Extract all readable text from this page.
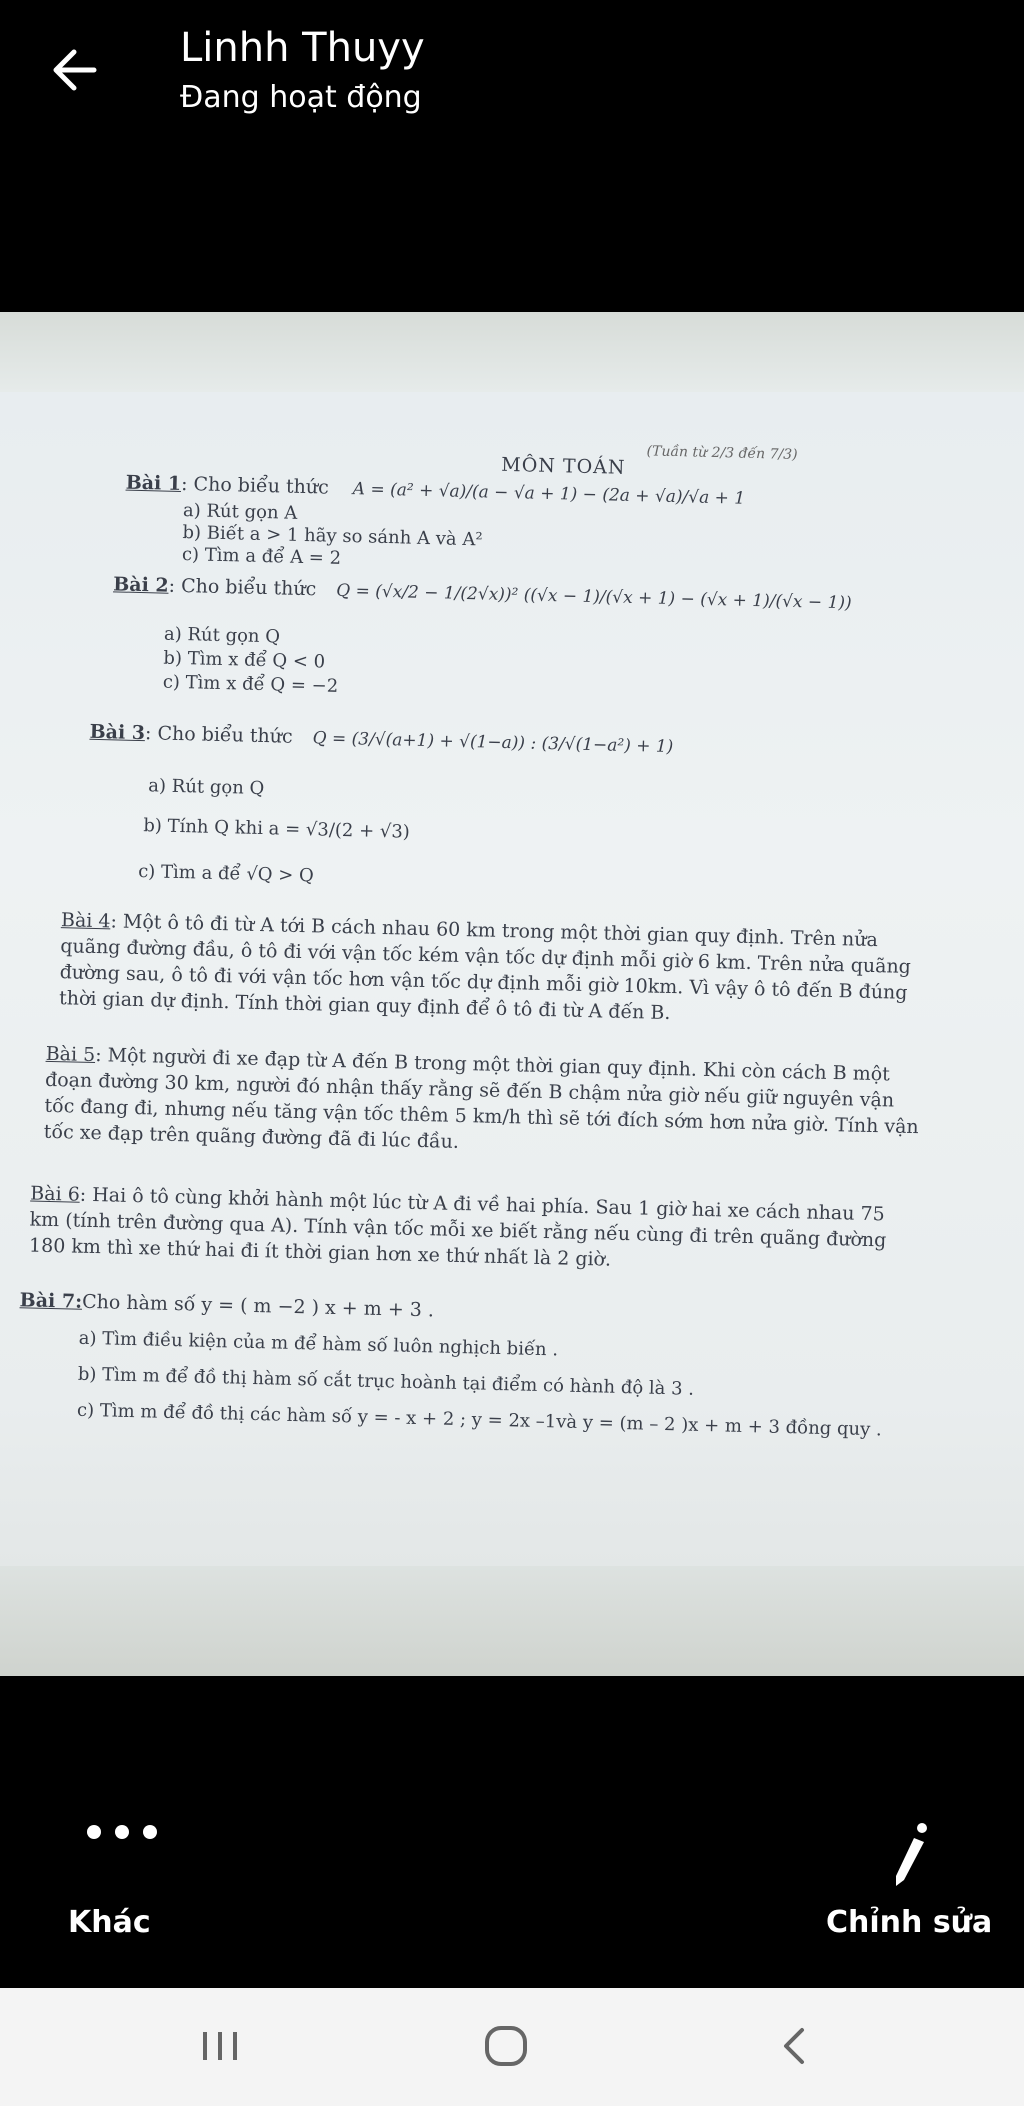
Linhh Thuyy
Đang hoạt động
(Tuần từ 2/3 đến 7/3)
MÔN TOÁN
Bài 1: Cho biểu thức A = (a² + √a)/(a − √a + 1) − (2a + √a)/√a + 1
a) Rút gọn A
b) Biết a > 1 hãy so sánh A và A²
c) Tìm a để A = 2
Bài 2: Cho biểu thức Q = (√x/2 − 1/(2√x))² ((√x − 1)/(√x + 1) − (√x + 1)/(√x − 1))
a) Rút gọn Q
b) Tìm x để Q < 0
c) Tìm x để Q = −2
Bài 3: Cho biểu thức Q = (3/√(a+1) + √(1−a)) : (3/√(1−a²) + 1)
a) Rút gọn Q
b) Tính Q khi a = √3/(2 + √3)
c) Tìm a để √Q > Q
Bài 4: Một ô tô đi từ A tới B cách nhau 60 km trong một thời gian quy định. Trên nửa quãng đường đầu, ô tô đi với vận tốc kém vận tốc dự định mỗi giờ 6 km. Trên nửa quãng đường sau, ô tô đi với vận tốc hơn vận tốc dự định mỗi giờ 10km. Vì vậy ô tô đến B đúng thời gian dự định. Tính thời gian quy định để ô tô đi từ A đến B.
Bài 5: Một người đi xe đạp từ A đến B trong một thời gian quy định. Khi còn cách B một đoạn đường 30 km, người đó nhận thấy rằng sẽ đến B chậm nửa giờ nếu giữ nguyên vận tốc đang đi, nhưng nếu tăng vận tốc thêm 5 km/h thì sẽ tới đích sớm hơn nửa giờ. Tính vận tốc xe đạp trên quãng đường đã đi lúc đầu.
Bài 6: Hai ô tô cùng khởi hành một lúc từ A đi về hai phía. Sau 1 giờ hai xe cách nhau 75 km (tính trên đường qua A). Tính vận tốc mỗi xe biết rằng nếu cùng đi trên quãng đường 180 km thì xe thứ hai đi ít thời gian hơn xe thứ nhất là 2 giờ.
Bài 7:Cho hàm số y = ( m −2 ) x + m + 3 .
a) Tìm điều kiện của m để hàm số luôn nghịch biến .
b) Tìm m để đồ thị hàm số cắt trục hoành tại điểm có hành độ là 3 .
c) Tìm m để đồ thị các hàm số y = - x + 2 ; y = 2x –1và y = (m – 2 )x + m + 3 đồng quy .
Khác	Chỉnh sửa
